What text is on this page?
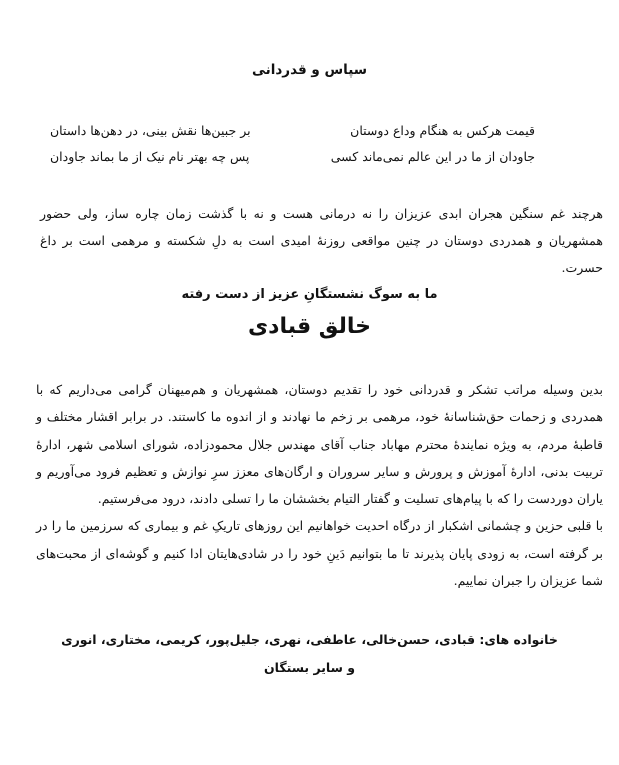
سپاس و قدردانی
قیمت هرکس به هنگام وداع دوستان
بر جبین‌ها نقش بینی، در دهن‌ها داستان
جاودان از ما در این عالم نمی‌ماند کسی
پس چه بهتر نام نیک از ما بماند جاودان
هرچند غم سنگین هجران ابدی عزیزان را نه درمانی هست و نه با گذشت زمان چاره ساز، ولی حضور همشهریان و همدردی دوستان در چنین مواقعی روزنهٔ امیدی است به دلِ شکسته و مرهمی است بر داغ حسرت.
ما به سوگ نشستگانِ عزیز از دست رفته
خالق قبادی

بدین وسیله مراتب تشکر و قدردانی خود را تقدیم دوستان، همشهریان و هم‌میهنان گرامی می‌داریم که با همدردی و زحمات حق‌شناسانهٔ خود، مرهمی بر زخم ما نهادند و از اندوه ما کاستند. در برابر اقشار مختلف و قاطبهٔ مردم، به ویژه نمایندهٔ محترم مهاباد جناب آقای مهندس جلال محمودزاده، شورای اسلامی شهر، ادارهٔ تربیت بدنی، ادارهٔ آموزش و پرورش و سایر سروران و ارگان‌های معزز سرِ نوازش و تعظیم فرود می‌آوریم و یاران دوردست را که با پیام‌های تسلیت و گفتار التیام بخششان ما را تسلی دادند، درود می‌فرستیم.

با قلبی حزین و چشمانی اشکبار از درگاه احدیت خواهانیم این روزهای تاریکِ غم و بیماری که سرزمین ما را در بر گرفته است، به زودی پایان پذیرند تا ما بتوانیم دَینِ خود را در شادی‌هایتان ادا کنیم و گوشه‌ای از محبت‌های شما عزیزان را جبران نماییم.

خانواده های: قبادی، حسن‌خالی، عاطفی، نهری، جلیل‌پور، کریمی، مختاری، انوری
و سایر بستگان
